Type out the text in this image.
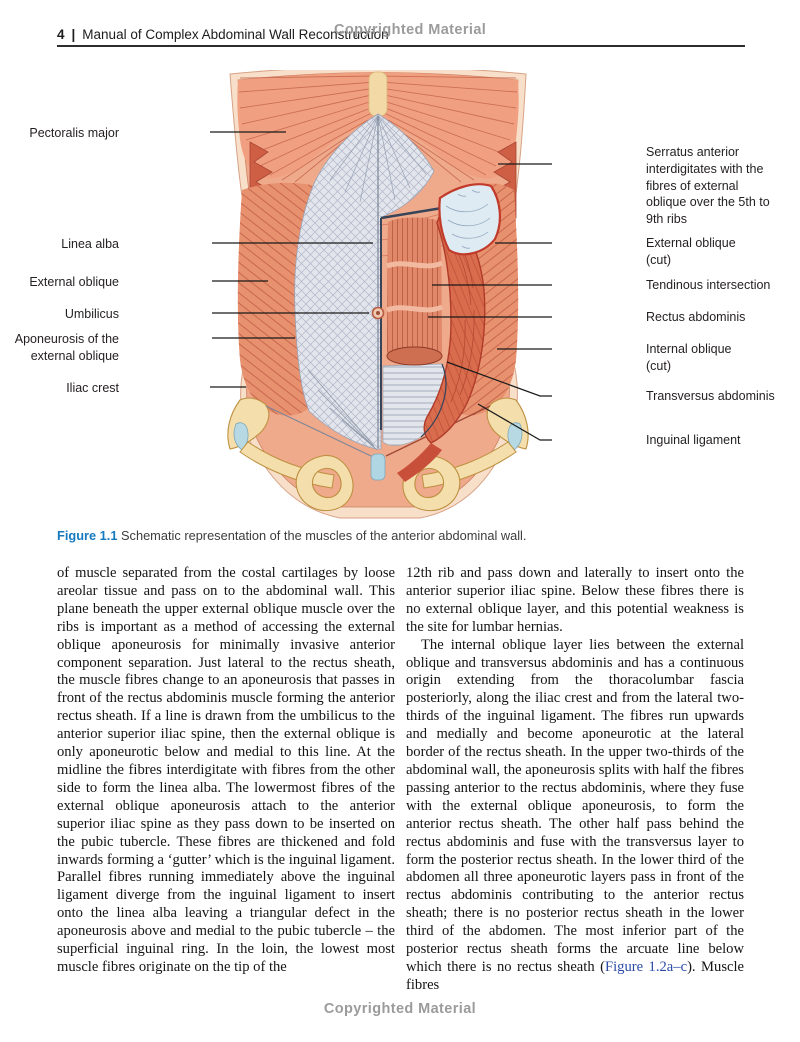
4 | Manual of Complex Abdominal Wall Reconstruction
Copyrighted Material
Pectoralis major
Linea alba
External oblique
Umbilicus
Aponeurosis of the external oblique
Iliac crest
Serratus anterior interdigitates with the fibres of external oblique over the 5th to 9th ribs
External oblique (cut)
Tendinous intersection
Rectus abdominis
Internal oblique (cut)
Transversus abdominis
Inguinal ligament
Figure 1.1 Schematic representation of the muscles of the anterior abdominal wall.

of muscle separated from the costal cartilages by loose areolar tissue and pass on to the abdominal wall. This plane beneath the upper external oblique muscle over the ribs is important as a method of accessing the external oblique aponeurosis for minimally invasive anterior component separation. Just lateral to the rectus sheath, the muscle fibres change to an aponeurosis that passes in front of the rectus abdominis muscle forming the anterior rectus sheath. If a line is drawn from the umbilicus to the anterior superior iliac spine, then the external oblique is only aponeurotic below and medial to this line. At the midline the fibres interdigitate with fibres from the other side to form the linea alba. The lowermost fibres of the external oblique aponeurosis attach to the anterior superior iliac spine as they pass down to be inserted on the pubic tubercle. These fibres are thickened and fold inwards forming a ‘gutter’ which is the inguinal ligament. Parallel fibres running immediately above the inguinal ligament diverge from the inguinal ligament to insert onto the linea alba leaving a triangular defect in the aponeurosis above and medial to the pubic tubercle – the superficial inguinal ring. In the loin, the lowest most muscle fibres originate on the tip of the

12th rib and pass down and laterally to insert onto the anterior superior iliac spine. Below these fibres there is no external oblique layer, and this potential weakness is the site for lumbar hernias.

The internal oblique layer lies between the external oblique and transversus abdominis and has a continuous origin extending from the thoracolumbar fascia posteriorly, along the iliac crest and from the lateral two-thirds of the inguinal ligament. The fibres run upwards and medially and become aponeurotic at the lateral border of the rectus sheath. In the upper two-thirds of the abdominal wall, the aponeurosis splits with half the fibres passing anterior to the rectus abdominis, where they fuse with the external oblique aponeurosis, to form the anterior rectus sheath. The other half pass behind the rectus abdominis and fuse with the transversus layer to form the posterior rectus sheath. In the lower third of the abdomen all three aponeurotic layers pass in front of the rectus abdominis contributing to the anterior rectus sheath; there is no posterior rectus sheath in the lower third of the abdomen. The most inferior part of the posterior rectus sheath forms the arcuate line below which there is no rectus sheath (Figure 1.2a–c). Muscle fibres

Copyrighted Material
